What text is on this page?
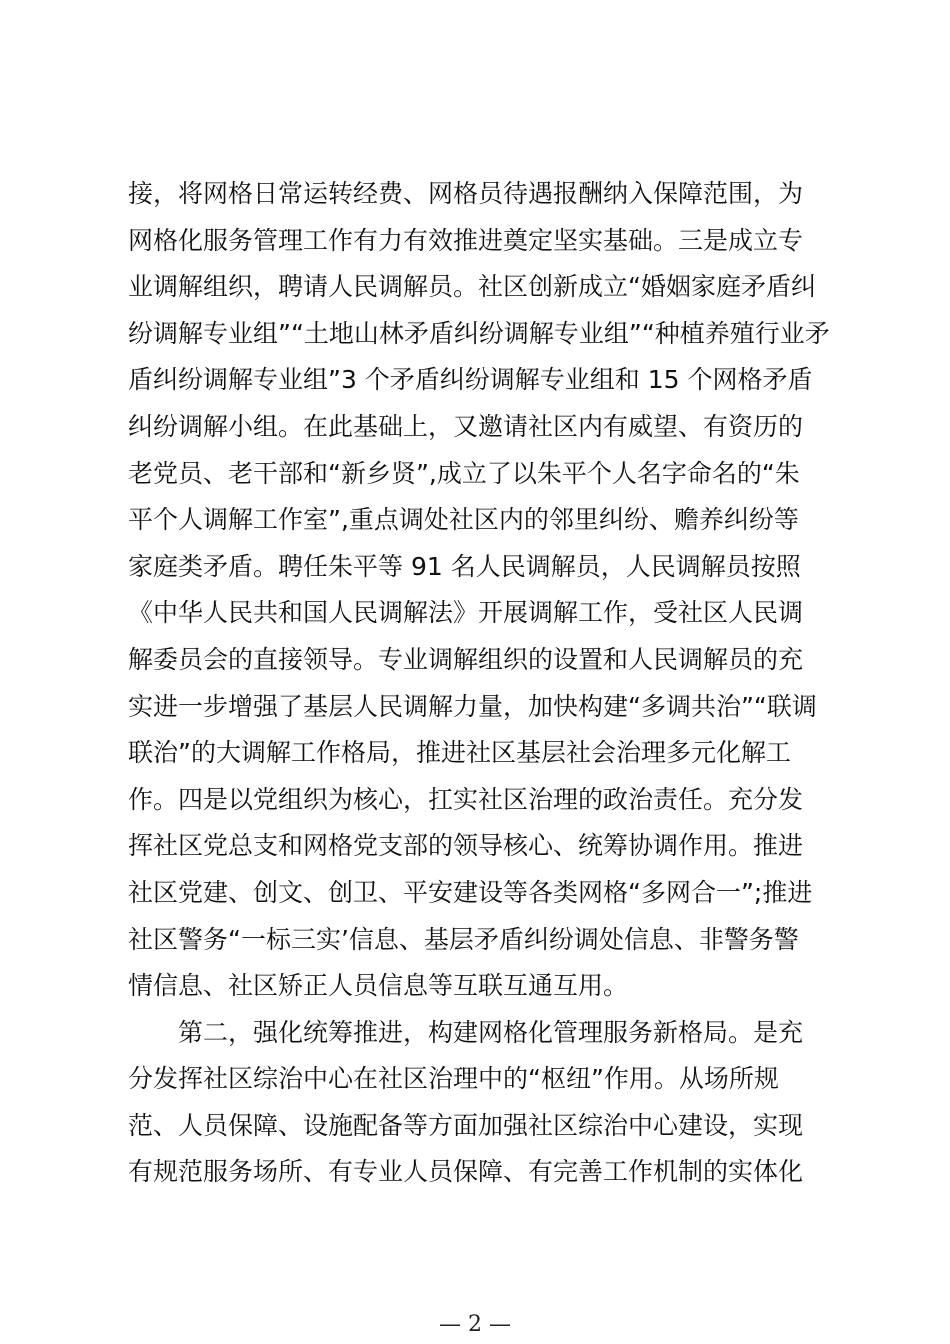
接，将网格日常运转经费、网格员待遇报酬纳入保障范围，为
网格化服务管理工作有力有效推进奠定坚实基础。三是成立专
业调解组织，聘请人民调解员。社区创新成立“婚姻家庭矛盾纠
纷调解专业组”“土地山林矛盾纠纷调解专业组”“种植养殖行业矛
盾纠纷调解专业组”3 个矛盾纠纷调解专业组和 15 个网格矛盾
纠纷调解小组。在此基础上，又邀请社区内有威望、有资历的
老党员、老干部和“新乡贤”,成立了以朱平个人名字命名的“朱
平个人调解工作室”,重点调处社区内的邻里纠纷、赡养纠纷等
家庭类矛盾。聘任朱平等 91 名人民调解员，人民调解员按照
《中华人民共和国人民调解法》开展调解工作，受社区人民调
解委员会的直接领导。专业调解组织的设置和人民调解员的充
实进一步增强了基层人民调解力量，加快构建“多调共治”“联调
联治”的大调解工作格局，推进社区基层社会治理多元化解工
作。四是以党组织为核心，扛实社区治理的政治责任。充分发
挥社区党总支和网格党支部的领导核心、统筹协调作用。推进
社区党建、创文、创卫、平安建设等各类网格“多网合一”;推进
社区警务“一标三实’信息、基层矛盾纠纷调处信息、非警务警
情信息、社区矫正人员信息等互联互通互用。
第二，强化统筹推进，构建网格化管理服务新格局。是充
分发挥社区综治中心在社区治理中的“枢纽”作用。从场所规
范、人员保障、设施配备等方面加强社区综治中心建设，实现
有规范服务场所、有专业人员保障、有完善工作机制的实体化
— 2 —
